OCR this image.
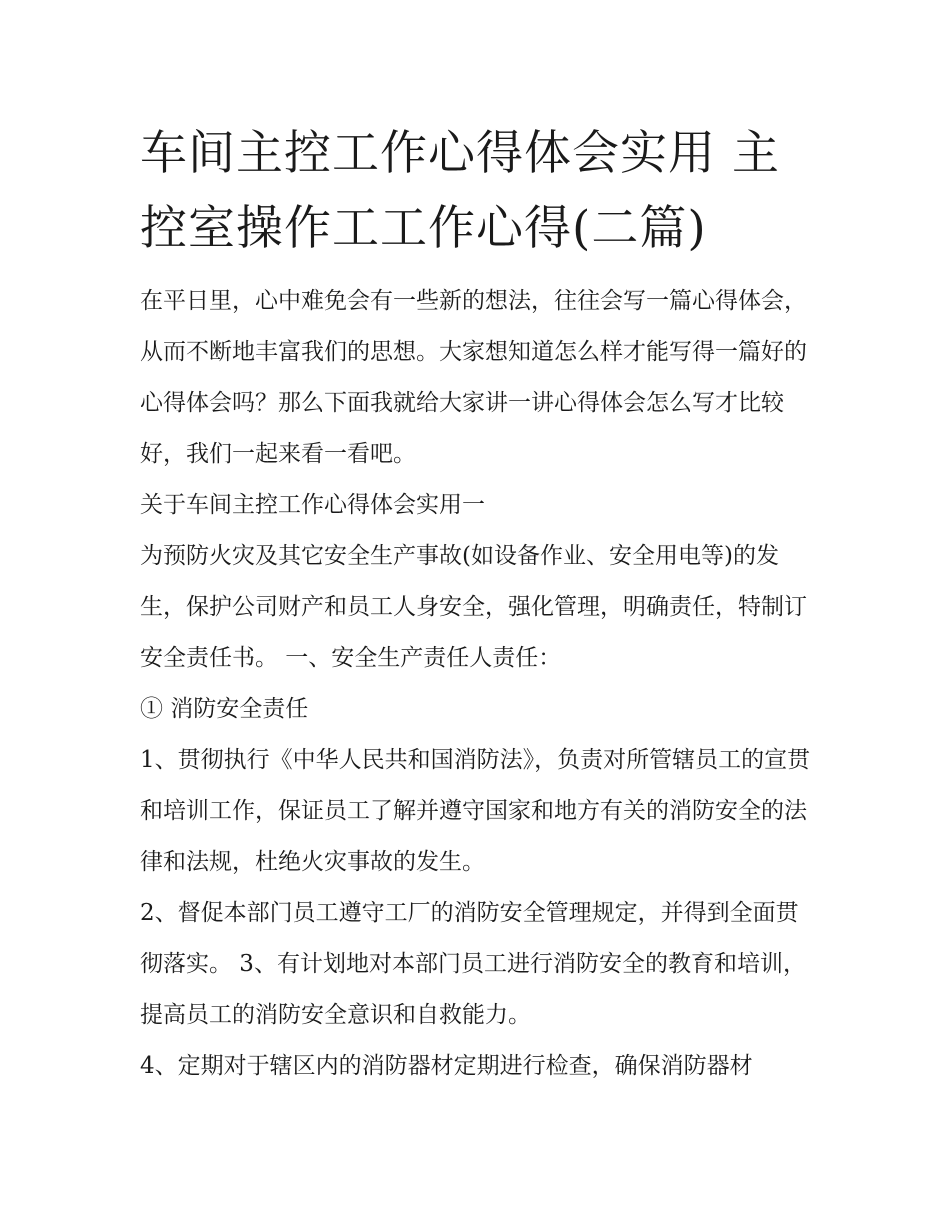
车间主控工作心得体会实用 主控室操作工工作心得(二篇)

在平日里，心中难免会有一些新的想法，往往会写一篇心得体会，从而不断地丰富我们的思想。大家想知道怎么样才能写得一篇好的心得体会吗？那么下面我就给大家讲一讲心得体会怎么写才比较好，我们一起来看一看吧。

关于车间主控工作心得体会实用一

为预防火灾及其它安全生产事故(如设备作业、安全用电等)的发生，保护公司财产和员工人身安全，强化管理，明确责任，特制订安全责任书。 一、安全生产责任人责任：

① 消防安全责任

1、贯彻执行《中华人民共和国消防法》，负责对所管辖员工的宣贯和培训工作，保证员工了解并遵守国家和地方有关的消防安全的法律和法规，杜绝火灾事故的发生。

2、督促本部门员工遵守工厂的消防安全管理规定，并得到全面贯彻落实。 3、有计划地对本部门员工进行消防安全的教育和培训，提高员工的消防安全意识和自救能力。

4、定期对于辖区内的消防器材定期进行检查，确保消防器材
